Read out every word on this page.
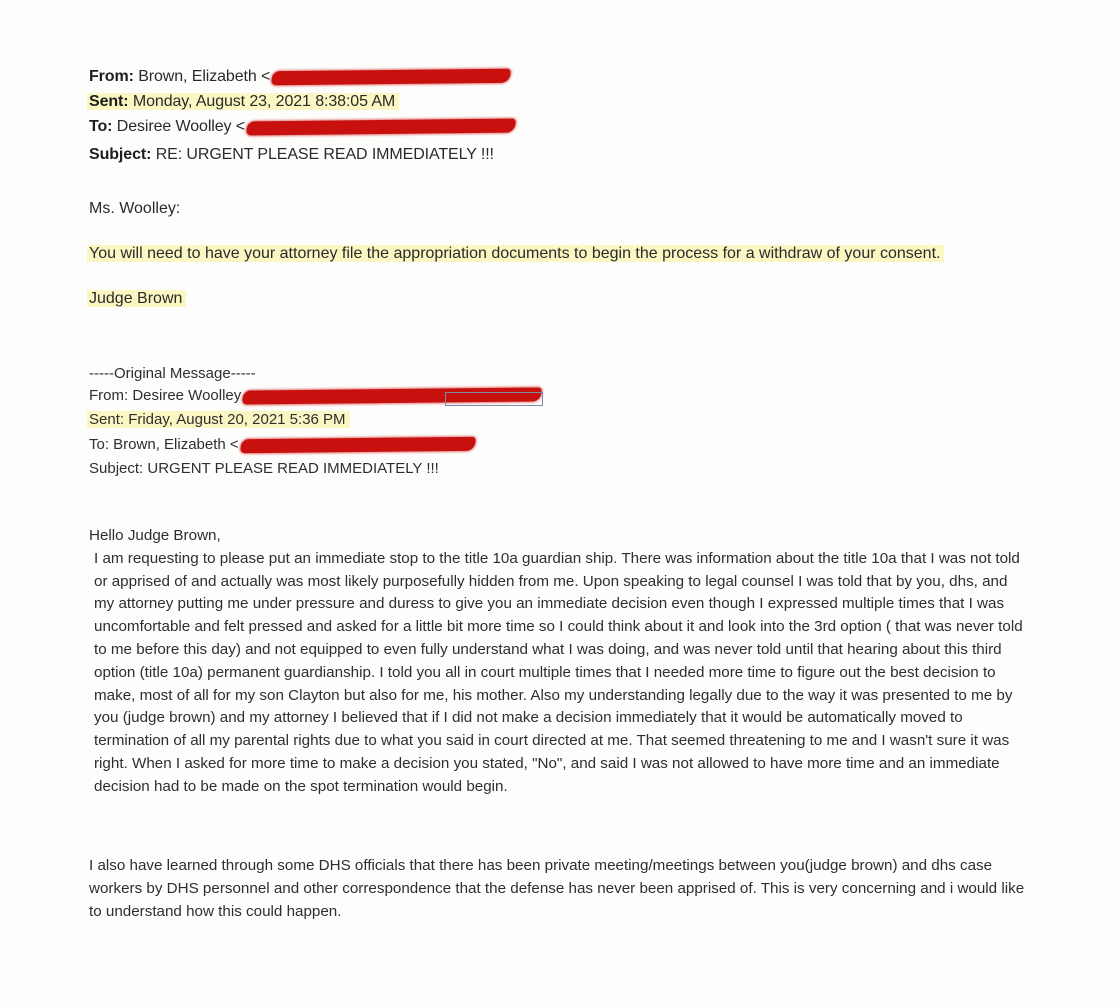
From: Brown, Elizabeth <
Sent: Monday, August 23, 2021 8:38:05 AM
To: Desiree Woolley <
Subject: RE: URGENT PLEASE READ IMMEDIATELY !!!
Ms. Woolley:
You will need to have your attorney file the appropriation documents to begin the process for a withdraw of your consent.
Judge Brown
-----Original Message-----
From: Desiree Woolley
Sent: Friday, August 20, 2021 5:36 PM
To: Brown, Elizabeth <
Subject: URGENT PLEASE READ IMMEDIATELY !!!

Hello Judge Brown,

I am requesting to please put an immediate stop to the title 10a guardian ship. There was information about the title 10a that I was not told or apprised of and actually was most likely purposefully hidden from me. Upon speaking to legal counsel I was told that by you, dhs, and my attorney putting me under pressure and duress to give you an immediate decision even though I expressed multiple times that I was uncomfortable and felt pressed and asked for a little bit more time so I could think about it and look into the 3rd option ( that was never told to me before this day) and not equipped to even fully understand what I was doing, and was never told until that hearing about this third option (title 10a) permanent guardianship. I told you all in court multiple times that I needed more time to figure out the best decision to make, most of all for my son Clayton but also for me, his mother. Also my understanding legally due to the way it was presented to me by you (judge brown) and my attorney I believed that if I did not make a decision immediately that it would be automatically moved to termination of all my parental rights due to what you said in court directed at me. That seemed threatening to me and I wasn't sure it was right. When I asked for more time to make a decision you stated, "No", and said I was not allowed to have more time and an immediate decision had to be made on the spot termination would begin.

I also have learned through some DHS officials that there has been private meeting/meetings between you(judge brown) and dhs case workers by DHS personnel and other correspondence that the defense has never been apprised of. This is very concerning and i would like to understand how this could happen.
